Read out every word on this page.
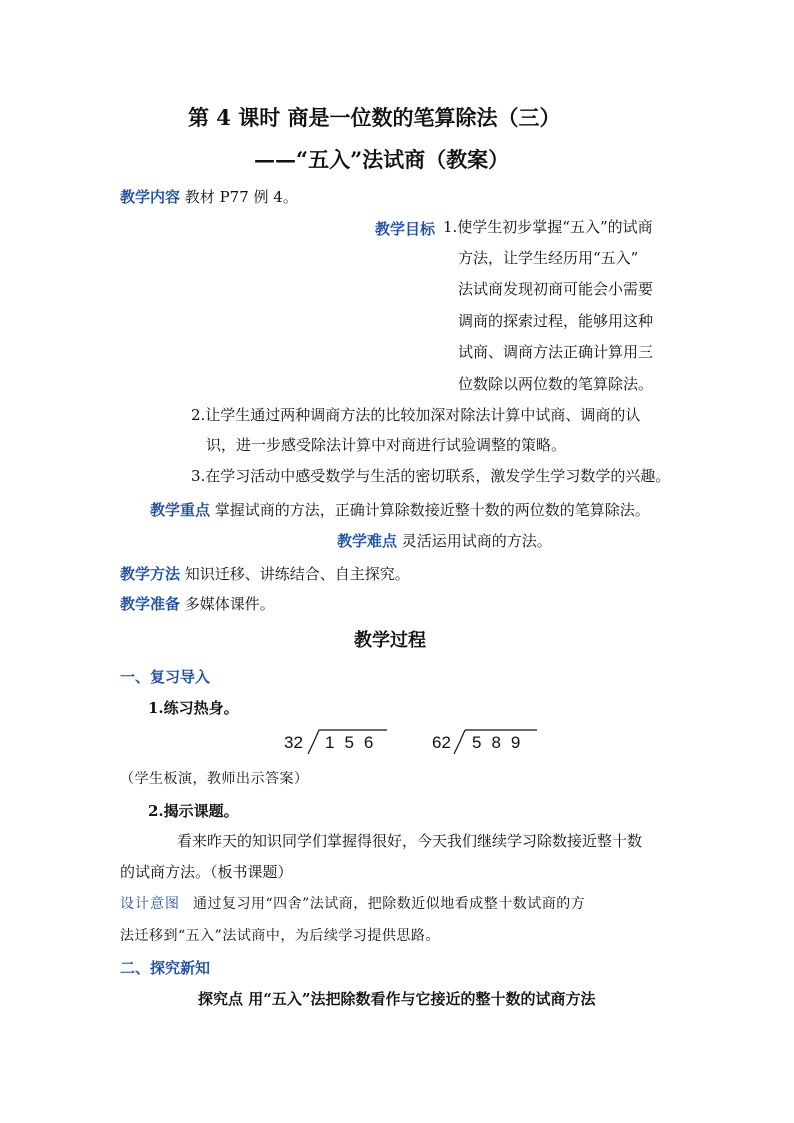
第 4 课时 商是一位数的笔算除法（三）
——“五入”法试商（教案）
教学内容 教材 P77 例 4。
教学目标 1.使学生初步掌握“五入”的试商
方法，让学生经历用“五入”
法试商发现初商可能会小需要
调商的探索过程，能够用这种
试商、调商方法正确计算用三
位数除以两位数的笔算除法。
2.让学生通过两种调商方法的比较加深对除法计算中试商、调商的认
识，进一步感受除法计算中对商进行试验调整的策略。
3.在学习活动中感受数学与生活的密切联系，激发学生学习数学的兴趣。
教学重点 掌握试商的方法，正确计算除数接近整十数的两位数的笔算除法。
教学难点 灵活运用试商的方法。
教学方法 知识迁移、讲练结合、自主探究。
教学准备 多媒体课件。
教学过程
一、复习导入
1.练习热身。
32 156	62 589
（学生板演，教师出示答案）
2.揭示课题。
看来昨天的知识同学们掌握得很好，今天我们继续学习除数接近整十数
的试商方法。（板书课题）
设计意图 通过复习用“四舍”法试商，把除数近似地看成整十数试商的方
法迁移到“五入”法试商中，为后续学习提供思路。
二、探究新知
探究点 用“五入”法把除数看作与它接近的整十数的试商方法
